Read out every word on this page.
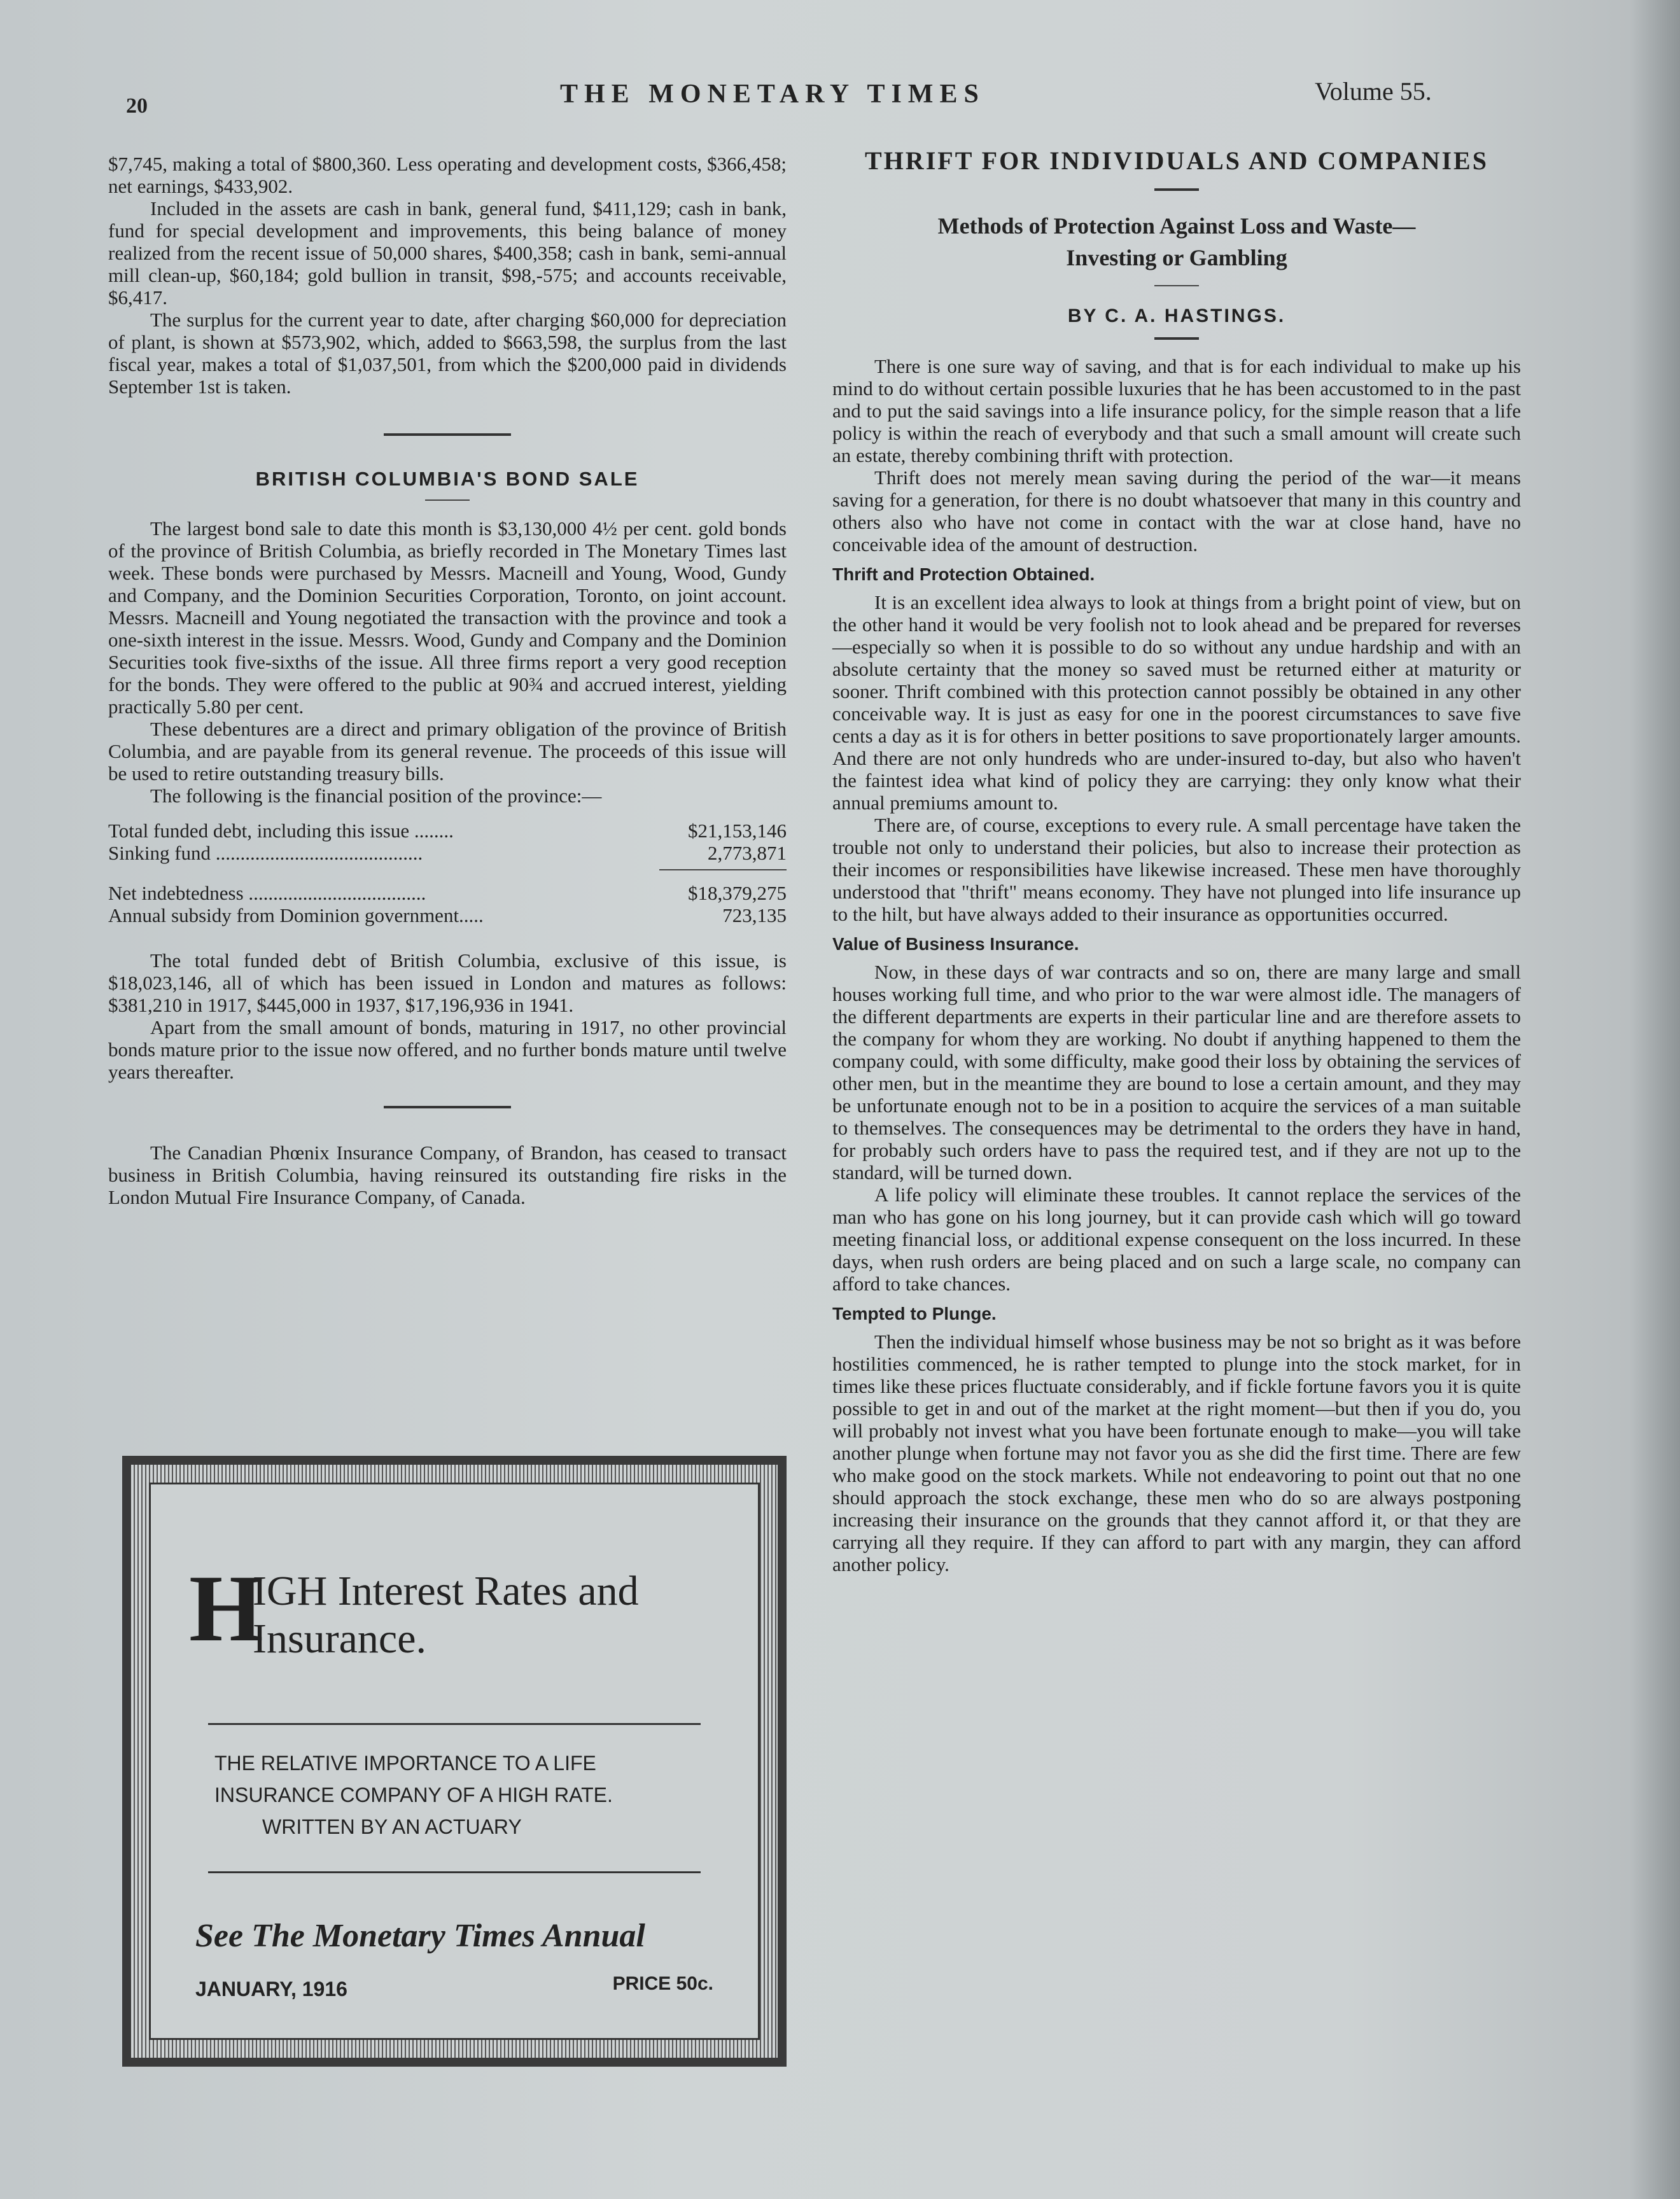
20	THE MONETARY TIMES	Volume 55.

$7,745, making a total of $800,360. Less operating and development costs, $366,458; net earnings, $433,902.

Included in the assets are cash in bank, general fund, $411,129; cash in bank, fund for special development and improvements, this being balance of money realized from the recent issue of 50,000 shares, $400,358; cash in bank, semi-annual mill clean-up, $60,184; gold bullion in transit, $98,-575; and accounts receivable, $6,417.

The surplus for the current year to date, after charging $60,000 for depreciation of plant, is shown at $573,902, which, added to $663,598, the surplus from the last fiscal year, makes a total of $1,037,501, from which the $200,000 paid in dividends September 1st is taken.

BRITISH COLUMBIA'S BOND SALE

The largest bond sale to date this month is $3,130,000 4½ per cent. gold bonds of the province of British Columbia, as briefly recorded in The Monetary Times last week. These bonds were purchased by Messrs. Macneill and Young, Wood, Gundy and Company, and the Dominion Securities Corporation, Toronto, on joint account. Messrs. Macneill and Young negotiated the transaction with the province and took a one-sixth interest in the issue. Messrs. Wood, Gundy and Company and the Dominion Securities took five-sixths of the issue. All three firms report a very good reception for the bonds. They were offered to the public at 90¾ and accrued interest, yielding practically 5.80 per cent.

These debentures are a direct and primary obligation of the province of British Columbia, and are payable from its general revenue. The proceeds of this issue will be used to retire outstanding treasury bills.

The following is the financial position of the province:—

Total funded debt, including this issue ........	$21,153,146
Sinking fund ..........................................	2,773,871
Net indebtedness ....................................	$18,379,275
Annual subsidy from Dominion government.....	723,135

The total funded debt of British Columbia, exclusive of this issue, is $18,023,146, all of which has been issued in London and matures as follows: $381,210 in 1917, $445,000 in 1937, $17,196,936 in 1941.

Apart from the small amount of bonds, maturing in 1917, no other provincial bonds mature prior to the issue now offered, and no further bonds mature until twelve years thereafter.

The Canadian Phœnix Insurance Company, of Brandon, has ceased to transact business in British Columbia, having reinsured its outstanding fire risks in the London Mutual Fire Insurance Company, of Canada.

H
IGH Interest Rates and
Insurance.
THE RELATIVE IMPORTANCE TO A LIFE
INSURANCE COMPANY OF A HIGH RATE.
WRITTEN BY AN ACTUARY
See The Monetary Times Annual
JANUARY, 1916	PRICE 50c.
THRIFT FOR INDIVIDUALS AND COMPANIES
Methods of Protection Against Loss and Waste—
Investing or Gambling
BY C. A. HASTINGS.

There is one sure way of saving, and that is for each individual to make up his mind to do without certain possible luxuries that he has been accustomed to in the past and to put the said savings into a life insurance policy, for the simple reason that a life policy is within the reach of everybody and that such a small amount will create such an estate, thereby combining thrift with protection.

Thrift does not merely mean saving during the period of the war—it means saving for a generation, for there is no doubt whatsoever that many in this country and others also who have not come in contact with the war at close hand, have no conceivable idea of the amount of destruction.

Thrift and Protection Obtained.

It is an excellent idea always to look at things from a bright point of view, but on the other hand it would be very foolish not to look ahead and be prepared for reverses—especially so when it is possible to do so without any undue hardship and with an absolute certainty that the money so saved must be returned either at maturity or sooner. Thrift combined with this protection cannot possibly be obtained in any other conceivable way. It is just as easy for one in the poorest circumstances to save five cents a day as it is for others in better positions to save proportionately larger amounts. And there are not only hundreds who are under-insured to-day, but also who haven't the faintest idea what kind of policy they are carrying: they only know what their annual premiums amount to.

There are, of course, exceptions to every rule. A small percentage have taken the trouble not only to understand their policies, but also to increase their protection as their incomes or responsibilities have likewise increased. These men have thoroughly understood that "thrift" means economy. They have not plunged into life insurance up to the hilt, but have always added to their insurance as opportunities occurred.

Value of Business Insurance.

Now, in these days of war contracts and so on, there are many large and small houses working full time, and who prior to the war were almost idle. The managers of the different departments are experts in their particular line and are therefore assets to the company for whom they are working. No doubt if anything happened to them the company could, with some difficulty, make good their loss by obtaining the services of other men, but in the meantime they are bound to lose a certain amount, and they may be unfortunate enough not to be in a position to acquire the services of a man suitable to themselves. The consequences may be detrimental to the orders they have in hand, for probably such orders have to pass the required test, and if they are not up to the standard, will be turned down.

A life policy will eliminate these troubles. It cannot replace the services of the man who has gone on his long journey, but it can provide cash which will go toward meeting financial loss, or additional expense consequent on the loss incurred. In these days, when rush orders are being placed and on such a large scale, no company can afford to take chances.

Tempted to Plunge.

Then the individual himself whose business may be not so bright as it was before hostilities commenced, he is rather tempted to plunge into the stock market, for in times like these prices fluctuate considerably, and if fickle fortune favors you it is quite possible to get in and out of the market at the right moment—but then if you do, you will probably not invest what you have been fortunate enough to make—you will take another plunge when fortune may not favor you as she did the first time. There are few who make good on the stock markets. While not endeavoring to point out that no one should approach the stock exchange, these men who do so are always postponing increasing their insurance on the grounds that they cannot afford it, or that they are carrying all they require. If they can afford to part with any margin, they can afford another policy.
